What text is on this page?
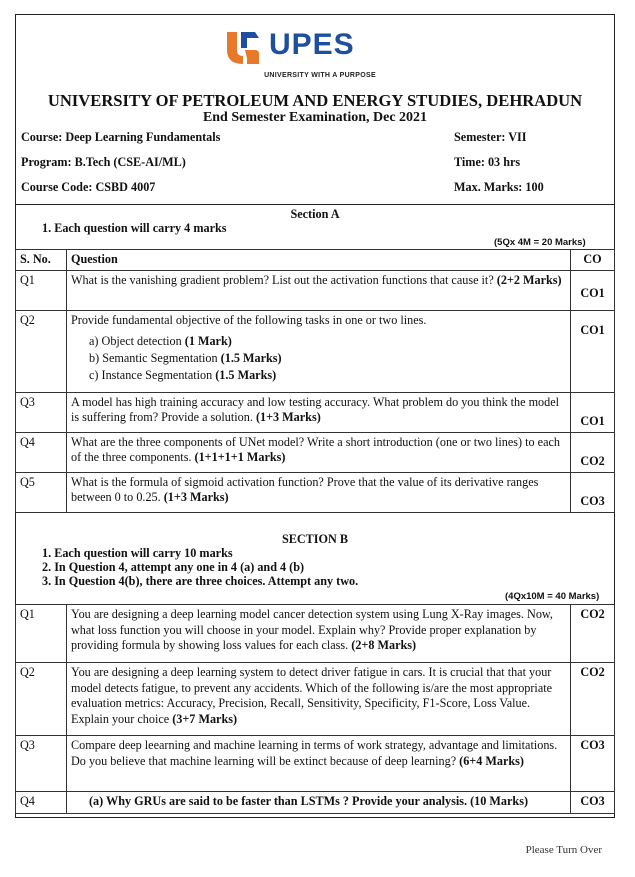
UPES
UNIVERSITY WITH A PURPOSE
UNIVERSITY OF PETROLEUM AND ENERGY STUDIES, DEHRADUN
End Semester Examination, Dec 2021
Course: Deep Learning Fundamentals	Semester: VII
Program: B.Tech (CSE-AI/ML)	Time: 03 hrs
Course Code: CSBD 4007	Max. Marks: 100
Section A
1. Each question will carry 4 marks
(5Qx 4M = 20 Marks)
S. No.	Question	CO
Q1	What is the vanishing gradient problem? List out the activation functions that cause it? (2+2 Marks)	CO1
Q2	Provide fundamental objective of the following tasks in one or two lines.
a) Object detection (1 Mark)
b) Semantic Segmentation (1.5 Marks)
c) Instance Segmentation (1.5 Marks)	CO1
Q3	A model has high training accuracy and low testing accuracy. What problem do you think the model is suffering from? Provide a solution. (1+3 Marks)	CO1
Q4	What are the three components of UNet model? Write a short introduction (one or two lines) to each of the three components. (1+1+1+1 Marks)	CO2
Q5	What is the formula of sigmoid activation function? Prove that the value of its derivative ranges between 0 to 0.25. (1+3 Marks)	CO3
SECTION B
1. Each question will carry 10 marks
2. In Question 4, attempt any one in 4 (a) and 4 (b)
3. In Question 4(b), there are three choices. Attempt any two.
(4Qx10M = 40 Marks)
Q1	You are designing a deep learning model cancer detection system using Lung X-Ray images. Now, what loss function you will choose in your model. Explain why? Provide proper explanation by providing formula by showing loss values for each class. (2+8 Marks)	CO2
Q2	You are designing a deep learning system to detect driver fatigue in cars. It is crucial that that your model detects fatigue, to prevent any accidents. Which of the following is/are the most appropriate evaluation metrics: Accuracy, Precision, Recall, Sensitivity, Specificity, F1-Score, Loss Value. Explain your choice (3+7 Marks)	CO2
Q3	Compare deep leearning and machine learning in terms of work strategy, advantage and limitations. Do you believe that machine learning will be extinct because of deep learning? (6+4 Marks)	CO3
Q4	(a) Why GRUs are said to be faster than LSTMs ? Provide your analysis. (10 Marks)	CO3
Please Turn Over
